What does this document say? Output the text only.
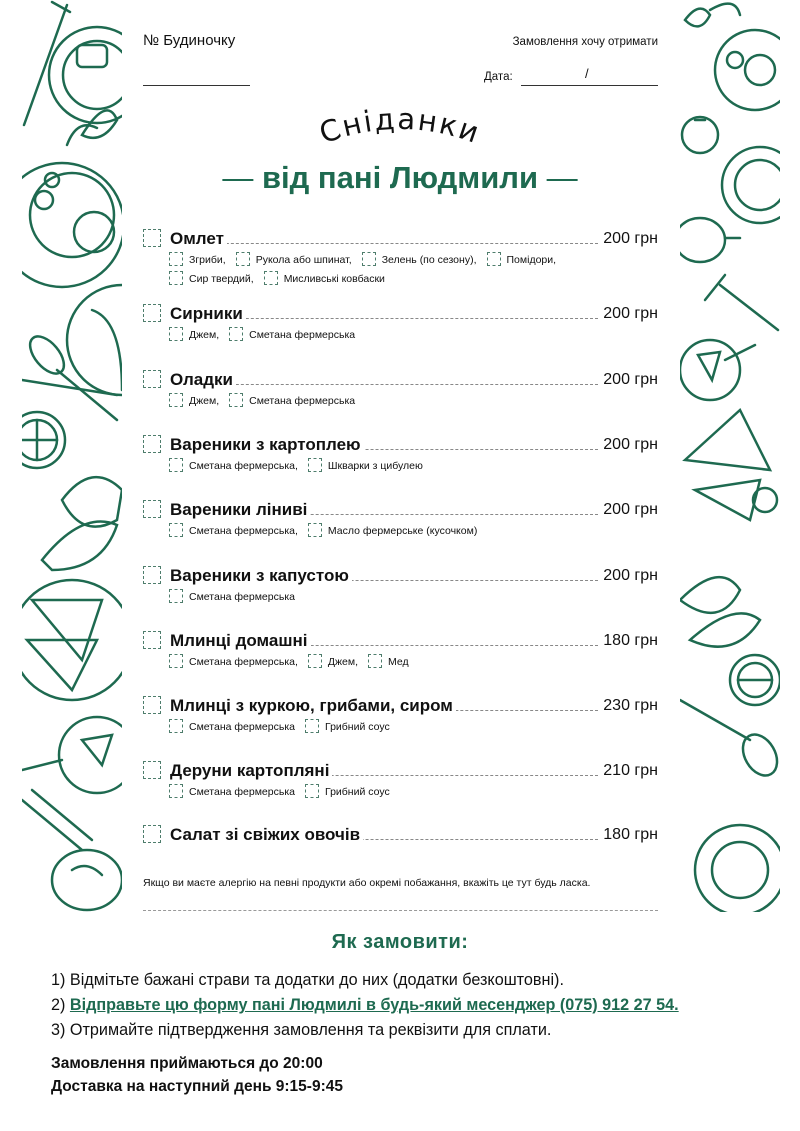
№ Будиночку	Замовлення хочу отримати
Дата:	/
Сніданки
— від пані Людмили —
Омлет	200 грн
Згриби,	Рукола або шпинат,	Зелень (по сезону),	Помідори,
Сир твердий,	Мисливські ковбаски
Сирники	200 грн
Джем,	Сметана фермерська
Оладки	200 грн
Джем,	Сметана фермерська
Вареники з картоплею	200 грн
Сметана фермерська,	Шкварки з цибулею
Вареники ліниві	200 грн
Сметана фермерська,	Масло фермерське (кусочком)
Вареники з капустою	200 грн
Сметана фермерська
Млинці домашні	180 грн
Сметана фермерська,	Джем,	Мед
Млинці з куркою, грибами, сиром	230 грн
Сметана фермерська	Грибний соус
Деруни картопляні	210 грн
Сметана фермерська	Грибний соус
Салат зі свіжих овочів	180 грн
Якщо ви маєте алергію на певні продукти або окремі побажання, вкажіть це тут будь ласка.
Як замовити:
1) Відмітьте бажані страви та додатки до них (додатки безкоштовні).
2) Відправьте цю форму пані Людмилі в будь-який месенджер (075) 912 27 54.
3) Отримайте підтвердження замовлення та реквізити для сплати.
Замовлення приймаються до 20:00
Доставка на наступний день 9:15-9:45
